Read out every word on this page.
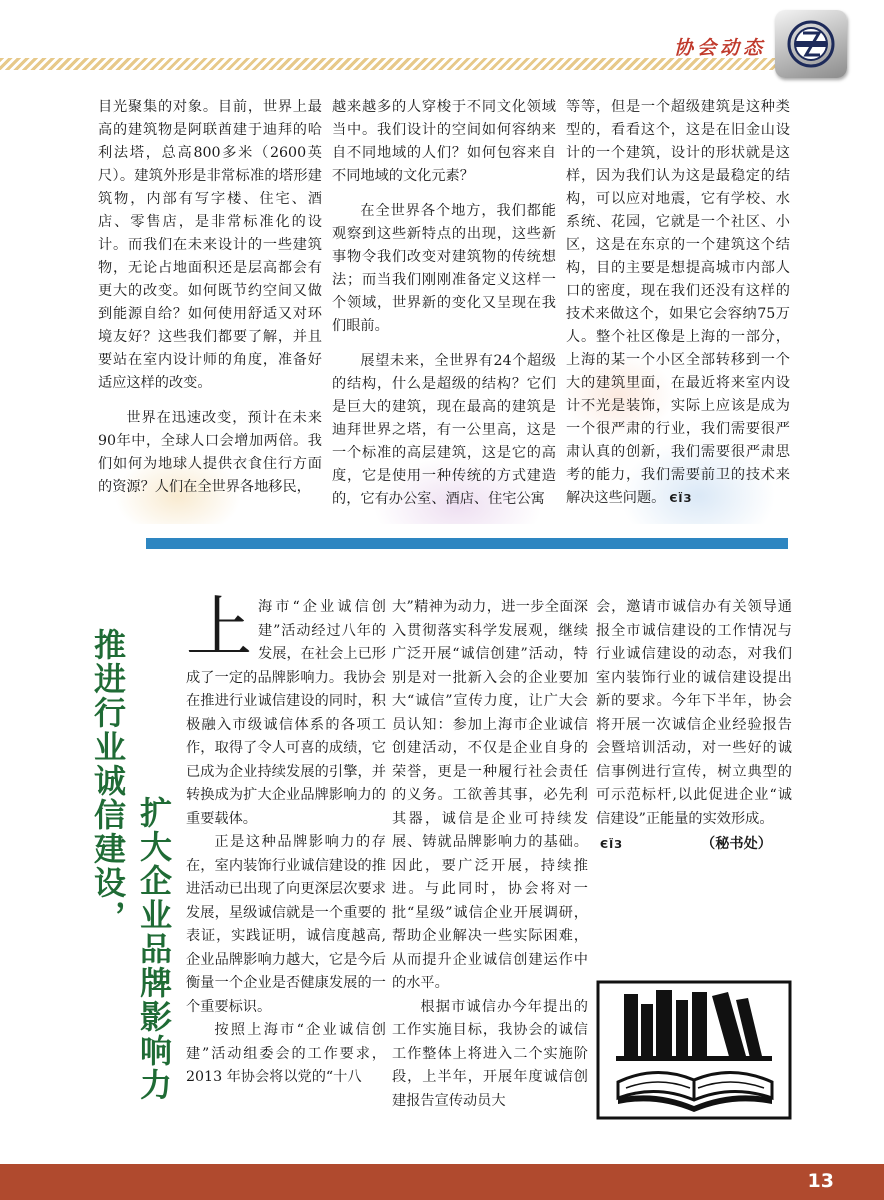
协会动态

目光聚集的对象。目前，世界上最高的建筑物是阿联酋建于迪拜的哈利法塔，总高800多米（2600英尺）。建筑外形是非常标准的塔形建筑物，内部有写字楼、住宅、酒店、零售店，是非常标准化的设计。而我们在未来设计的一些建筑物，无论占地面积还是层高都会有更大的改变。如何既节约空间又做到能源自给？如何使用舒适又对环境友好？这些我们都要了解，并且要站在室内设计师的角度，准备好适应这样的改变。

世界在迅速改变，预计在未来90年中，全球人口会增加两倍。我们如何为地球人提供衣食住行方面的资源？人们在全世界各地移民，

越来越多的人穿梭于不同文化领域当中。我们设计的空间如何容纳来自不同地域的人们？如何包容来自不同地域的文化元素？

在全世界各个地方，我们都能观察到这些新特点的出现，这些新事物令我们改变对建筑物的传统想法；而当我们刚刚准备定义这样一个领域，世界新的变化又呈现在我们眼前。

展望未来，全世界有24个超级的结构，什么是超级的结构？它们是巨大的建筑，现在最高的建筑是迪拜世界之塔，有一公里高，这是一个标准的高层建筑，这是它的高度，它是使用一种传统的方式建造的，它有办公室、酒店、住宅公寓

等等，但是一个超级建筑是这种类型的，看看这个，这是在旧金山设计的一个建筑，设计的形状就是这样，因为我们认为这是最稳定的结构，可以应对地震，它有学校、水系统、花园，它就是一个社区、小区，这是在东京的一个建筑这个结构，目的主要是想提高城市内部人口的密度，现在我们还没有这样的技术来做这个，如果它会容纳75万人。整个社区像是上海的一部分，上海的某一个小区全部转移到一个大的建筑里面，在最近将来室内设计不光是装饰，实际上应该是成为一个很严肃的行业，我们需要很严肃认真的创新，我们需要很严肃思考的能力，我们需要前卫的技术来解决这些问题。 ЄЇЗ

推进行业诚信建设，
扩大企业品牌影响力

上海市“企业诚信创建”活动经过八年的发展，在社会上已形成了一定的品牌影响力。我协会在推进行业诚信建设的同时，积极融入市级诚信体系的各项工作，取得了令人可喜的成绩，它已成为企业持续发展的引擎，并转换成为扩大企业品牌影响力的重要载体。

正是这种品牌影响力的存在，室内装饰行业诚信建设的推进活动已出现了向更深层次要求发展，星级诚信就是一个重要的表证，实践证明，诚信度越高,企业品牌影响力越大，它是今后衡量一个企业是否健康发展的一个重要标识。

按照上海市“企业诚信创建”活动组委会的工作要求，2013 年协会将以党的“十八

大”精神为动力，进一步全面深入贯彻落实科学发展观，继续广泛开展“诚信创建”活动，特别是对一批新入会的企业要加大“诚信”宣传力度，让广大会员认知：参加上海市企业诚信创建活动，不仅是企业自身的荣誉，更是一种履行社会责任的义务。工欲善其事，必先利其器，诚信是企业可持续发展、铸就品牌影响力的基础。因此，要广泛开展，持续推进。与此同时，协会将对一批“星级”诚信企业开展调研，帮助企业解决一些实际困难，从而提升企业诚信创建运作中的水平。

根据市诚信办今年提出的工作实施目标，我协会的诚信工作整体上将进入二个实施阶段，上半年，开展年度诚信创建报告宣传动员大

会，邀请市诚信办有关领导通报全市诚信建设的工作情况与行业诚信建设的动态，对我们室内装饰行业的诚信建设提出新的要求。今年下半年，协会将开展一次诚信企业经验报告会暨培训活动，对一些好的诚信事例进行宣传，树立典型的可示范标杆,以此促进企业“诚信建设”正能量的实效形成。

ЄЇЗ	（秘书处）
13
